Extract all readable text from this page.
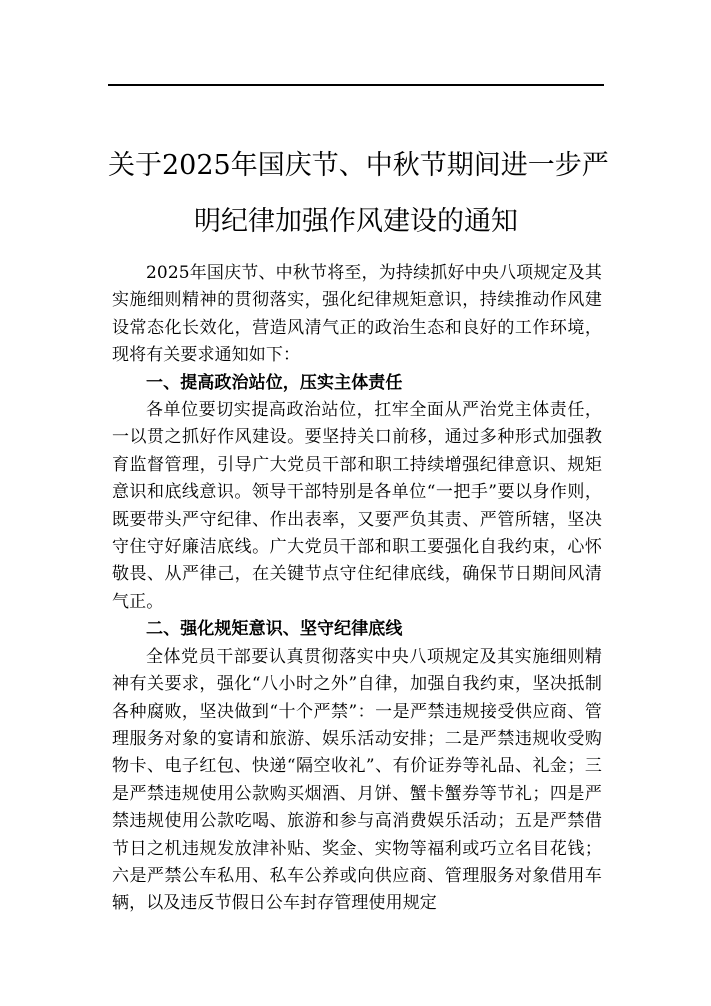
关于2025年国庆节、中秋节期间进一步严
明纪律加强作风建设的通知

2025年国庆节、中秋节将至，为持续抓好中央八项规定及其实施细则精神的贯彻落实，强化纪律规矩意识，持续推动作风建设常态化长效化，营造风清气正的政治生态和良好的工作环境，现将有关要求通知如下：

一、提高政治站位，压实主体责任

各单位要切实提高政治站位，扛牢全面从严治党主体责任，一以贯之抓好作风建设。要坚持关口前移，通过多种形式加强教育监督管理，引导广大党员干部和职工持续增强纪律意识、规矩意识和底线意识。领导干部特别是各单位“一把手”要以身作则，既要带头严守纪律、作出表率，又要严负其责、严管所辖，坚决守住守好廉洁底线。广大党员干部和职工要强化自我约束，心怀敬畏、从严律己，在关键节点守住纪律底线，确保节日期间风清气正。

二、强化规矩意识、坚守纪律底线

全体党员干部要认真贯彻落实中央八项规定及其实施细则精神有关要求，强化“八小时之外”自律，加强自我约束，坚决抵制各种腐败，坚决做到“十个严禁”：一是严禁违规接受供应商、管理服务对象的宴请和旅游、娱乐活动安排；二是严禁违规收受购物卡、电子红包、快递“隔空收礼”、有价证券等礼品、礼金；三是严禁违规使用公款购买烟酒、月饼、蟹卡蟹券等节礼；四是严禁违规使用公款吃喝、旅游和参与高消费娱乐活动；五是严禁借节日之机违规发放津补贴、奖金、实物等福利或巧立名目花钱；六是严禁公车私用、私车公养或向供应商、管理服务对象借用车辆，以及违反节假日公车封存管理使用规定
